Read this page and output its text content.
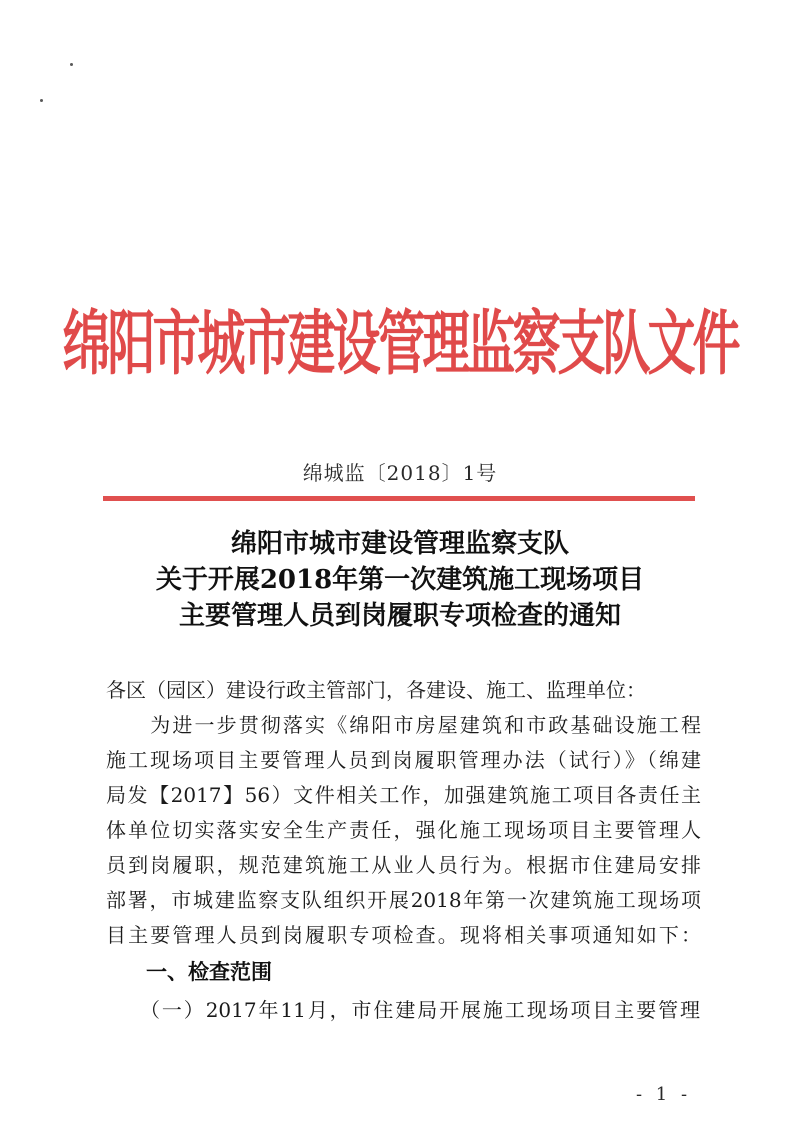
绵阳市城市建设管理监察支队文件
绵城监〔2018〕1号
绵阳市城市建设管理监察支队
关于开展2018年第一次建筑施工现场项目
主要管理人员到岗履职专项检查的通知
各区（园区）建设行政主管部门，各建设、施工、监理单位：
　　为进一步贯彻落实《绵阳市房屋建筑和市政基础设施工程
施工现场项目主要管理人员到岗履职管理办法（试行）》（绵建
局发【2017】56）文件相关工作，加强建筑施工项目各责任主
体单位切实落实安全生产责任，强化施工现场项目主要管理人
员到岗履职，规范建筑施工从业人员行为。根据市住建局安排
部署，市城建监察支队组织开展2018年第一次建筑施工现场项
目主要管理人员到岗履职专项检查。现将相关事项通知如下：
一、检查范围
（一）2017年11月，市住建局开展施工现场项目主要管理
- 1 -
